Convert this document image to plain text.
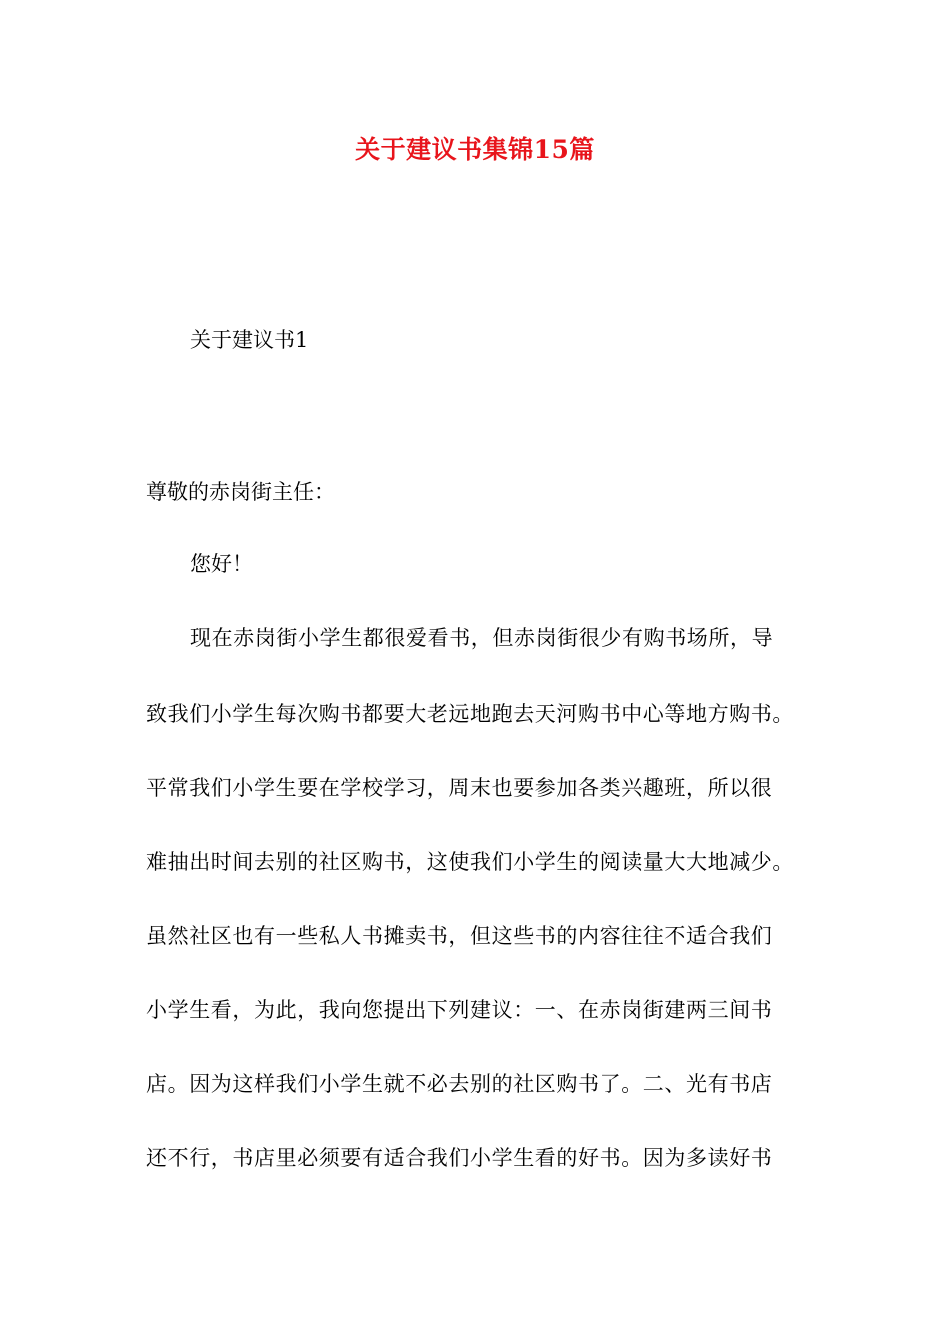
关于建议书集锦15篇
关于建议书1
尊敬的赤岗街主任：
您好！
现在赤岗街小学生都很爱看书，但赤岗街很少有购书场所，导
致我们小学生每次购书都要大老远地跑去天河购书中心等地方购书。
平常我们小学生要在学校学习，周末也要参加各类兴趣班，所以很
难抽出时间去别的社区购书，这使我们小学生的阅读量大大地减少。
虽然社区也有一些私人书摊卖书，但这些书的内容往往不适合我们
小学生看，为此，我向您提出下列建议：一、在赤岗街建两三间书
店。因为这样我们小学生就不必去别的社区购书了。二、光有书店
还不行，书店里必须要有适合我们小学生看的好书。因为多读好书
